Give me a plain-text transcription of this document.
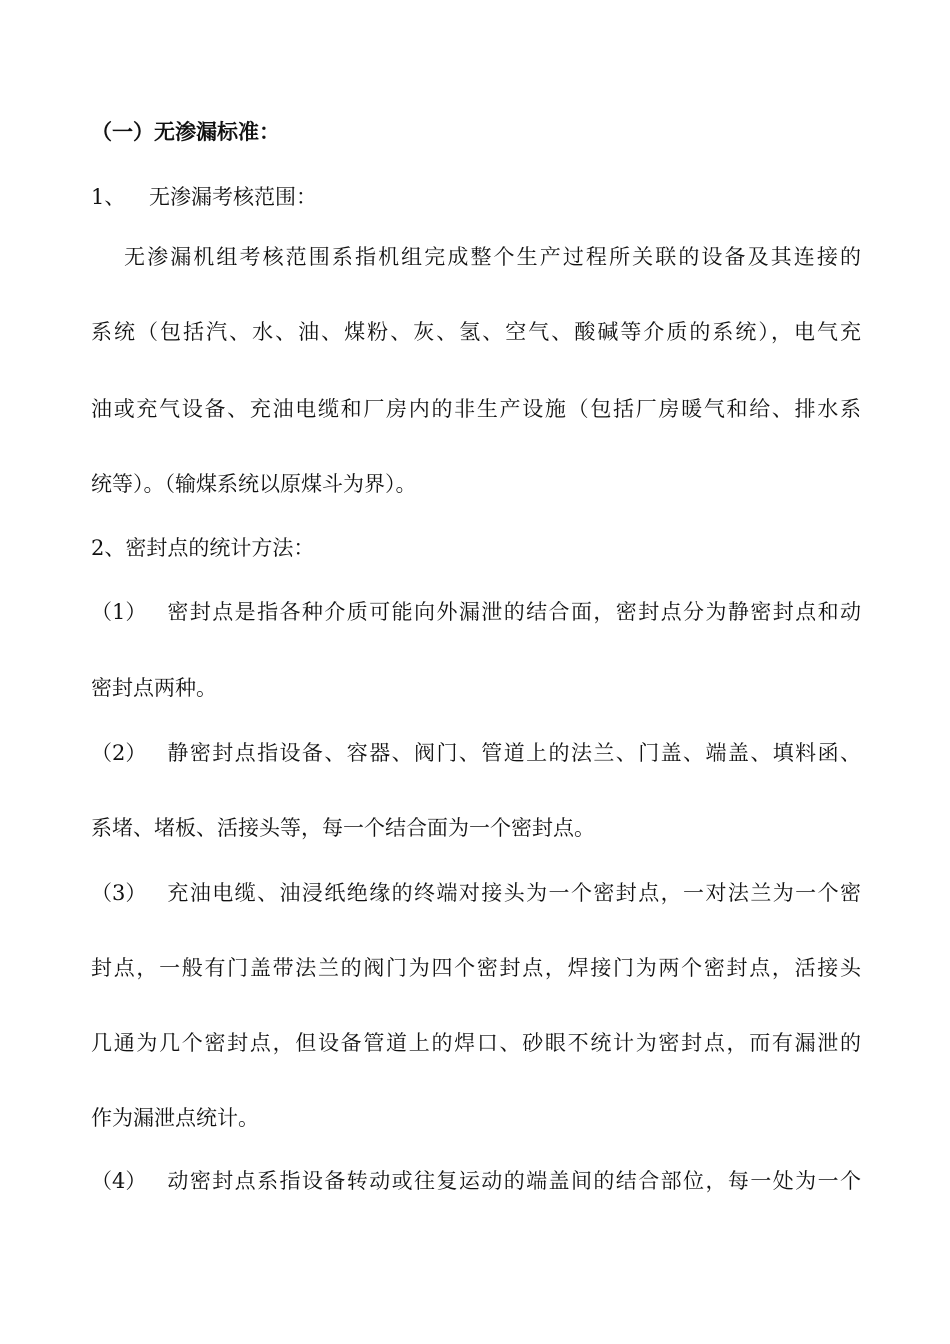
（一）无渗漏标准：
1、 无渗漏考核范围：
无渗漏机组考核范围系指机组完成整个生产过程所关联的设备及其连接的
系统（包括汽、水、油、煤粉、灰、氢、空气、酸碱等介质的系统），电气充
油或充气设备、充油电缆和厂房内的非生产设施（包括厂房暖气和给、排水系
统等）。（输煤系统以原煤斗为界）。
2、密封点的统计方法：
（1） 密封点是指各种介质可能向外漏泄的结合面，密封点分为静密封点和动
密封点两种。
（2） 静密封点指设备、容器、阀门、管道上的法兰、门盖、端盖、填料函、
系堵、堵板、活接头等，每一个结合面为一个密封点。
（3） 充油电缆、油浸纸绝缘的终端对接头为一个密封点，一对法兰为一个密
封点，一般有门盖带法兰的阀门为四个密封点，焊接门为两个密封点，活接头
几通为几个密封点，但设备管道上的焊口、砂眼不统计为密封点，而有漏泄的
作为漏泄点统计。
（4） 动密封点系指设备转动或往复运动的端盖间的结合部位，每一处为一个
